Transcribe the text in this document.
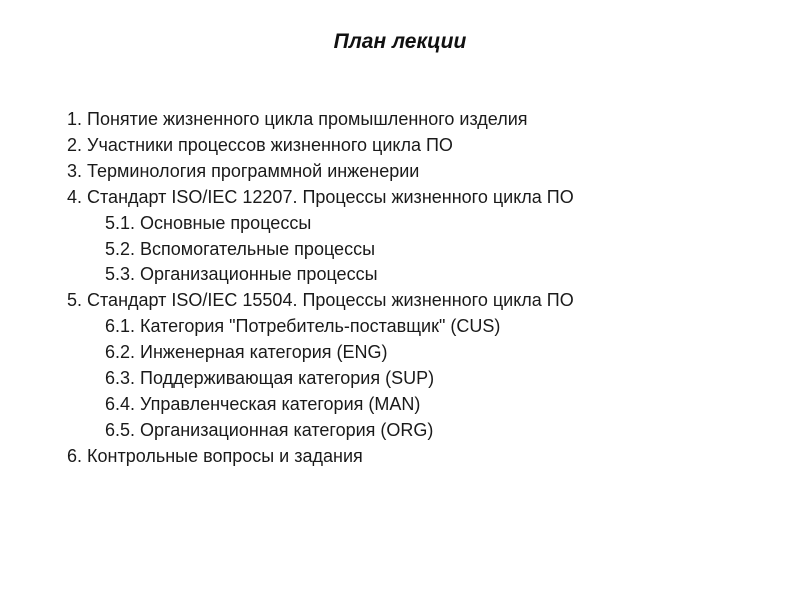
План лекции
1. Понятие жизненного цикла промышленного изделия
2. Участники процессов жизненного цикла ПО
3. Терминология программной инженерии
4. Стандарт ISO/IEC 12207. Процессы жизненного цикла ПО
5.1. Основные процессы
5.2. Вспомогательные процессы
5.3. Организационные процессы
5. Стандарт ISO/IEC 15504. Процессы жизненного цикла ПО
6.1. Категория "Потребитель-поставщик" (CUS)
6.2. Инженерная категория (ENG)
6.3. Поддерживающая категория (SUP)
6.4. Управленческая категория (MAN)
6.5. Организационная категория (ORG)
6. Контрольные вопросы и задания
